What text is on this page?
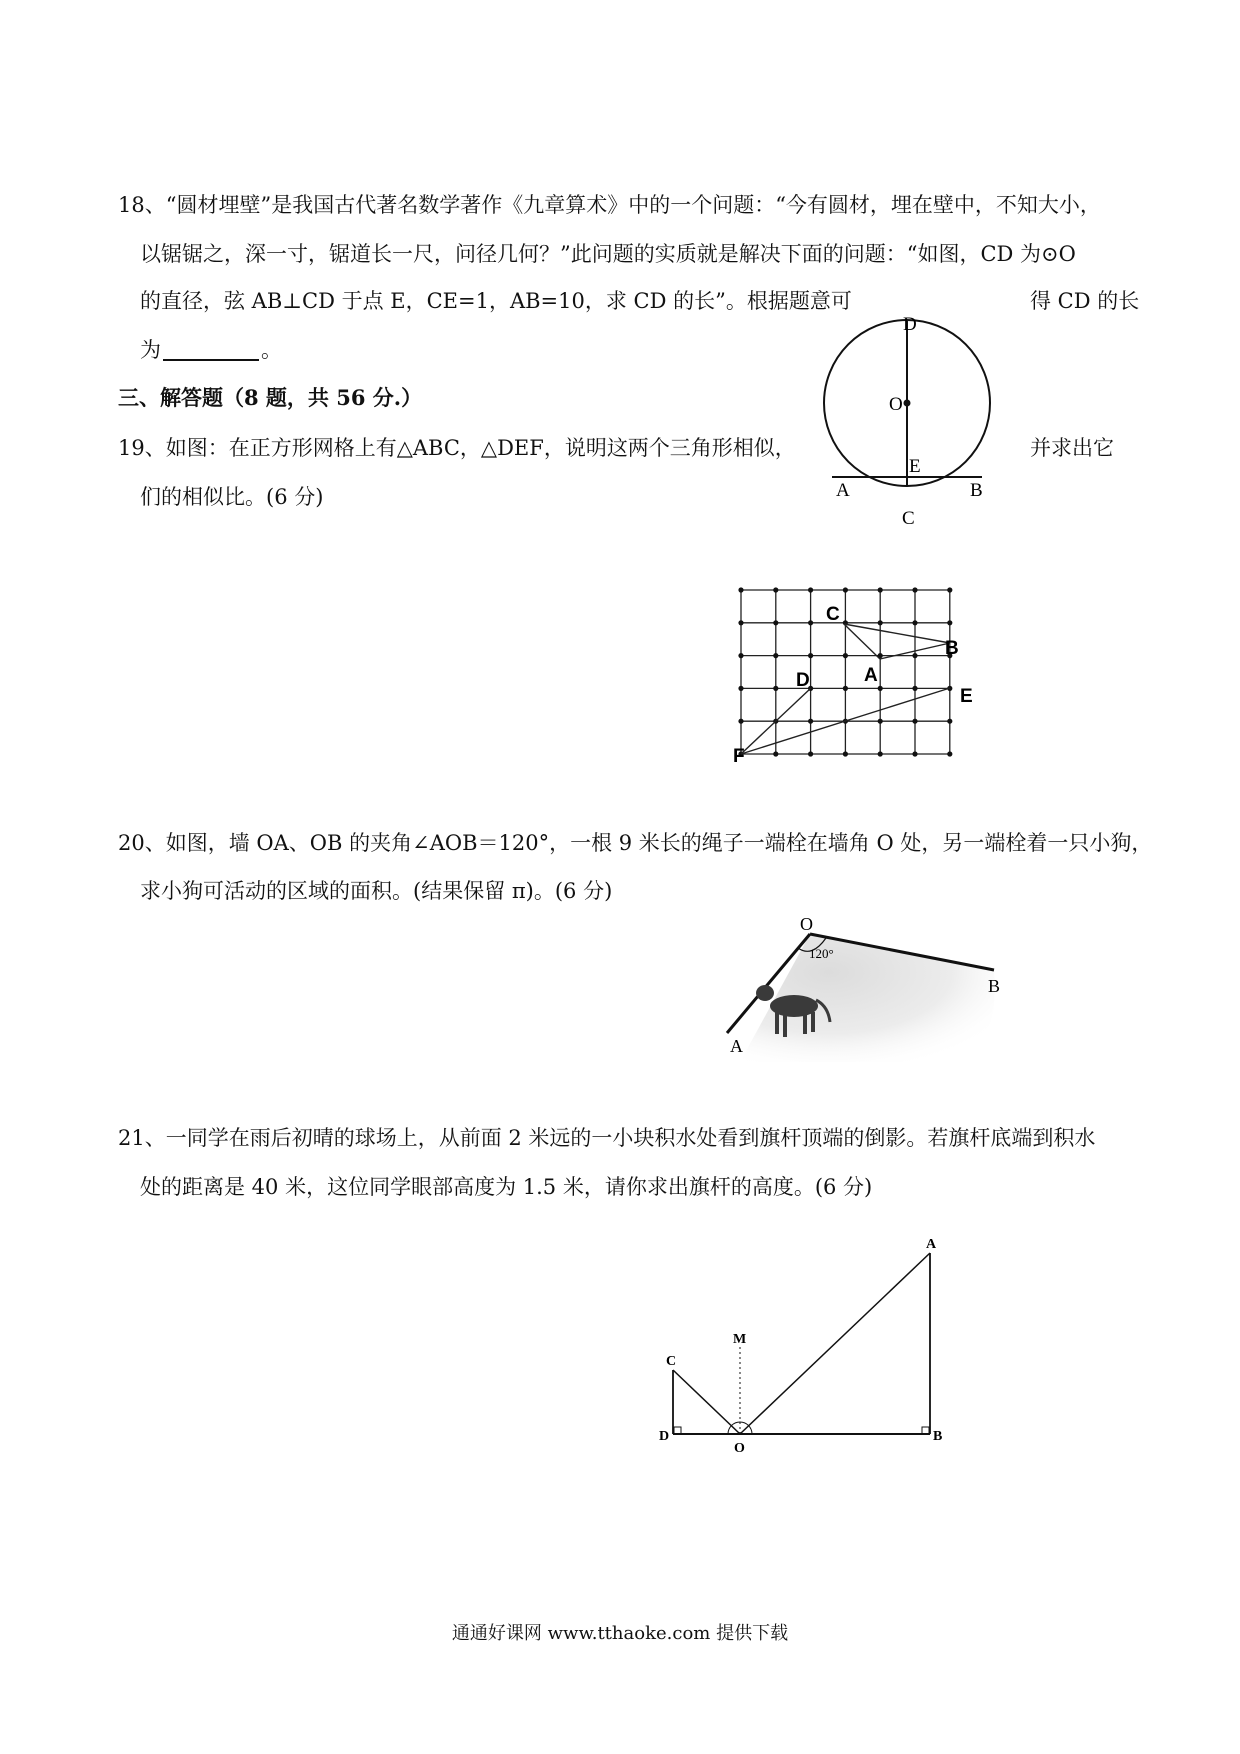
18、“圆材埋壁”是我国古代著名数学著作《九章算术》中的一个问题：“今有圆材，埋在壁中，不知大小，
以锯锯之，深一寸，锯道长一尺，问径几何？”此问题的实质就是解决下面的问题：“如图，CD 为⊙O
的直径，弦 AB⊥CD 于点 E，CE=1，AB=10，求 CD 的长”。根据题意可	得 CD 的长
为	。
D
O
E
A	B
C
三、解答题（8 题，共 56 分.）
19、如图：在正方形网格上有△ABC，△DEF，说明这两个三角形相似，	并求出它
们的相似比。(6 分)
C
B
A
D
E
F
20、如图，墙 OA、OB 的夹角∠AOB＝120°，一根 9 米长的绳子一端栓在墙角 O 处，另一端栓着一只小狗，
求小狗可活动的区域的面积。(结果保留 π)。(6 分)
O
120°
B
A
21、一同学在雨后初晴的球场上，从前面 2 米远的一小块积水处看到旗杆顶端的倒影。若旗杆底端到积水
处的距离是 40 米，这位同学眼部高度为 1.5 米，请你求出旗杆的高度。(6 分)
A
M
C
D
O
B
通通好课网 www.tthaoke.com 提供下载
